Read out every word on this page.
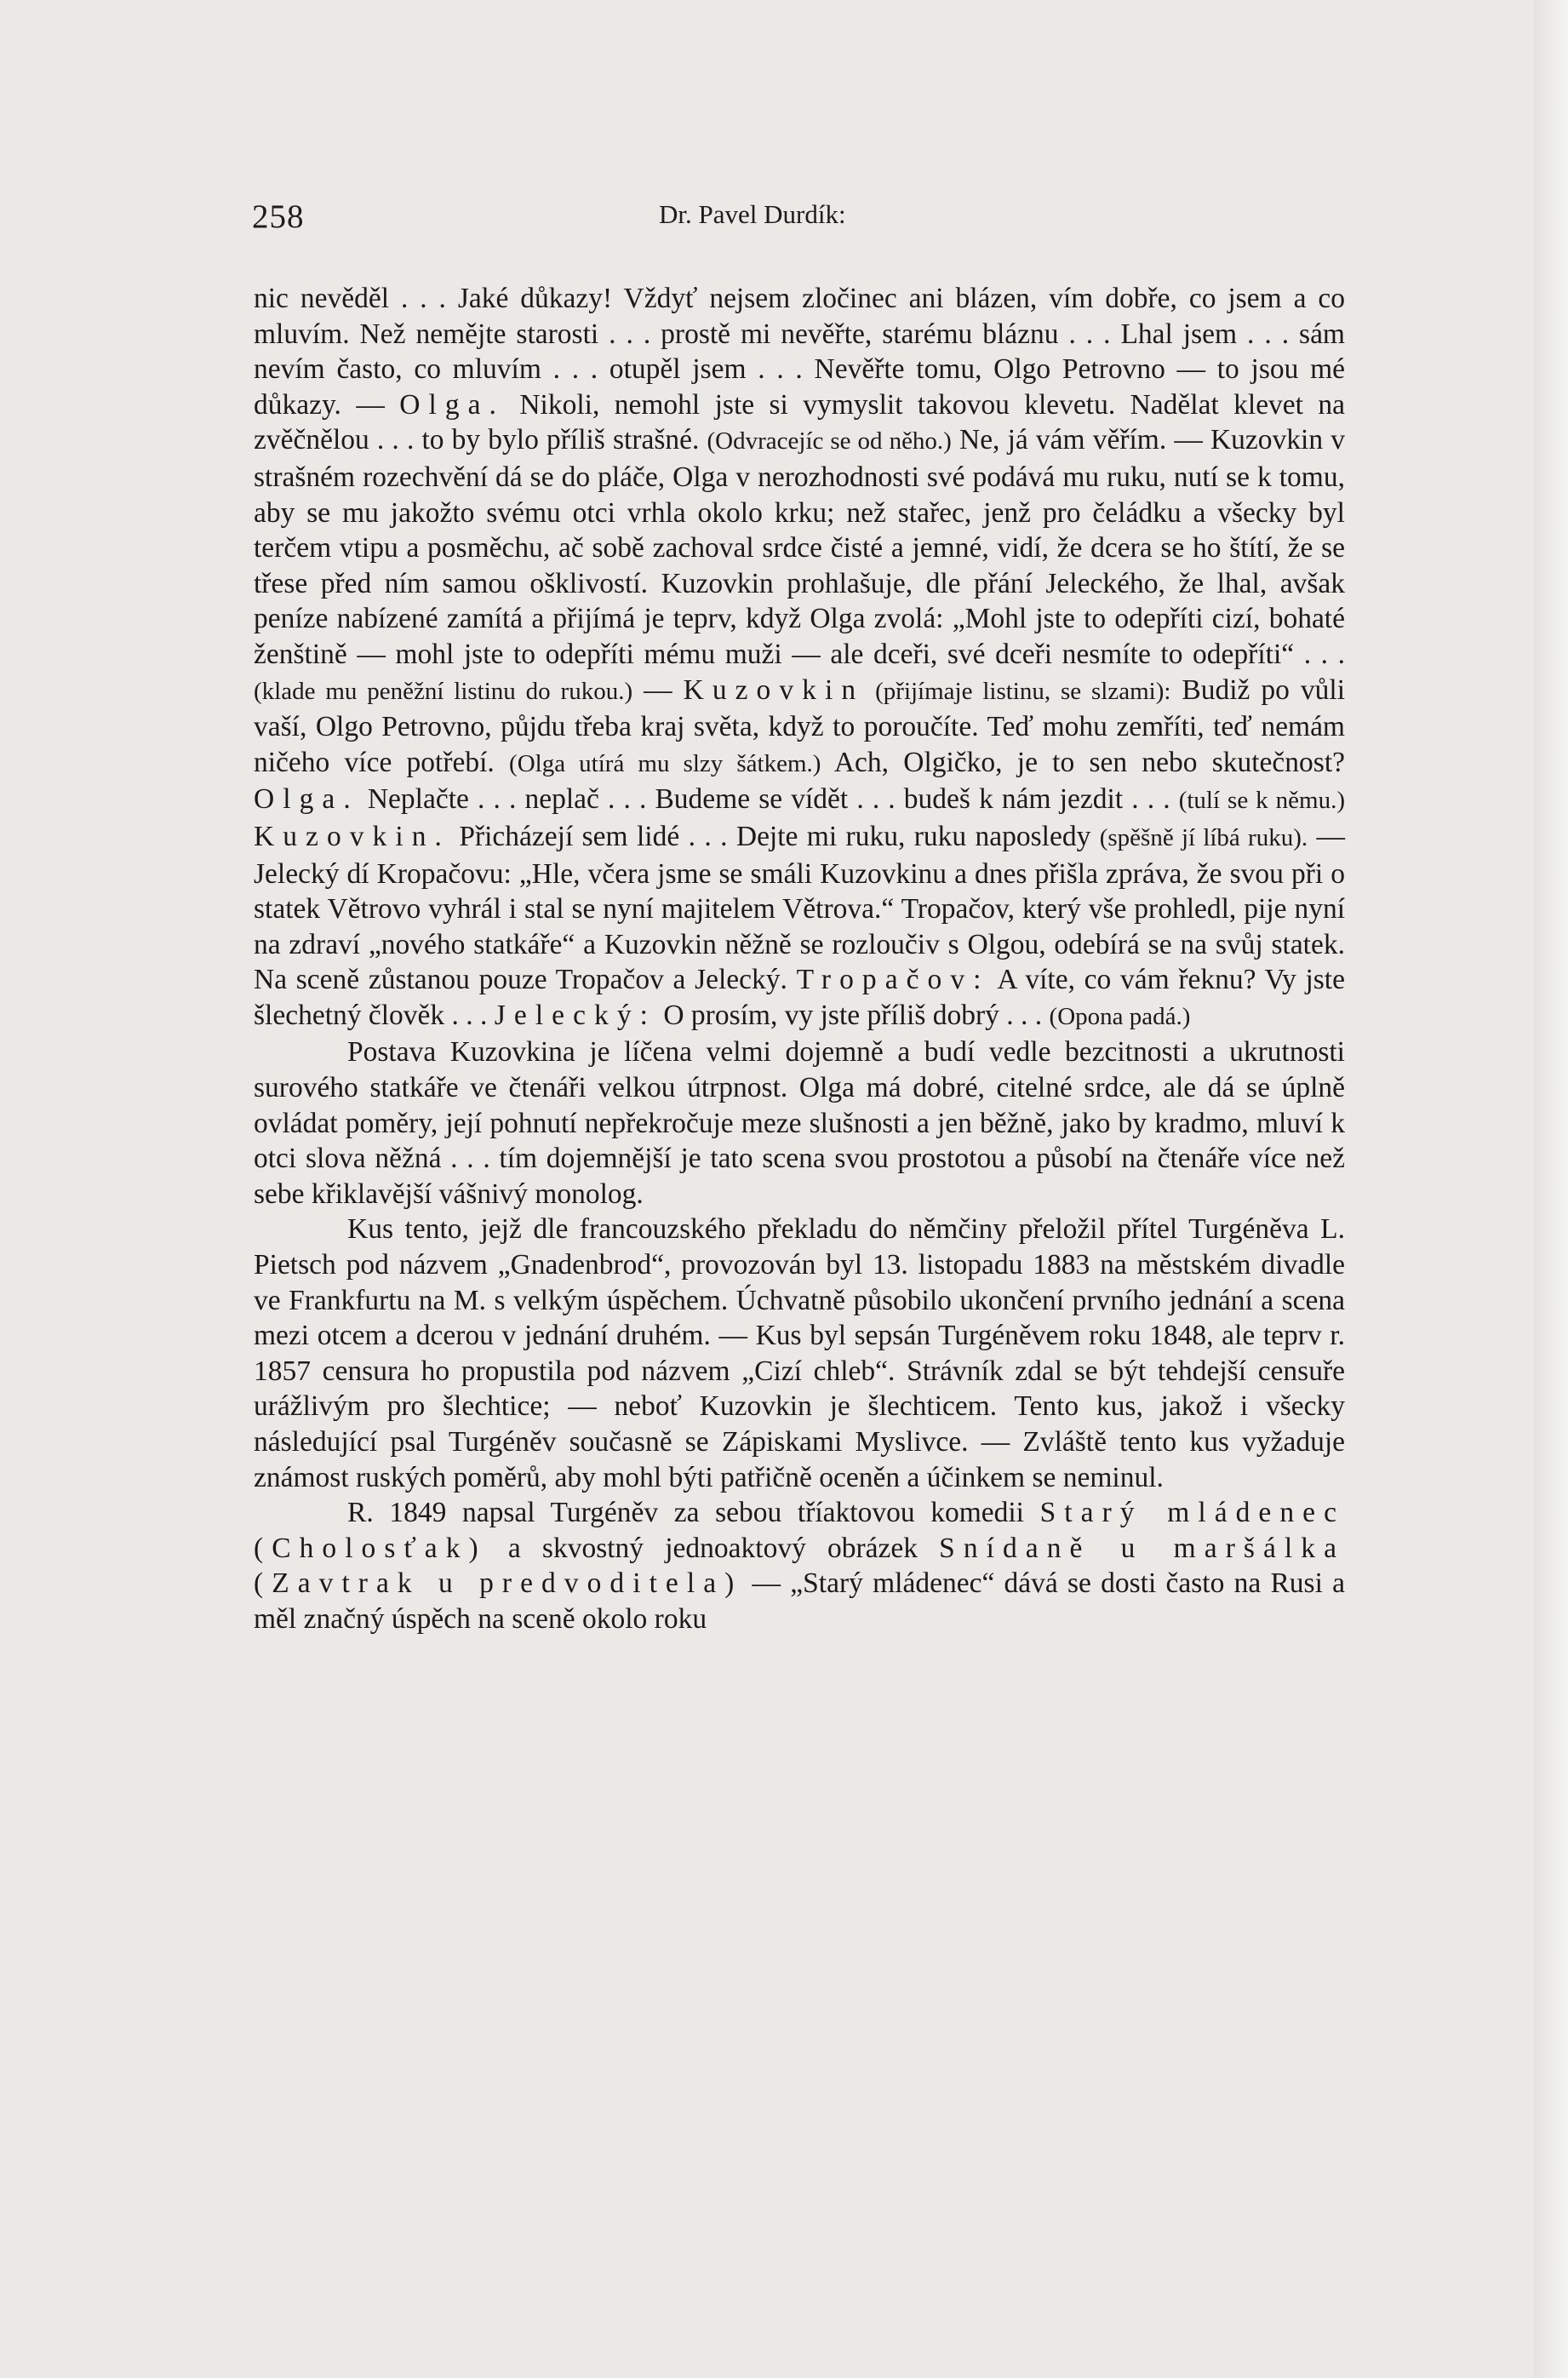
258	Dr. Pavel Durdík:

nic nevěděl . . . Jaké důkazy! Vždyť nejsem zločinec ani blázen, vím dobře, co jsem a co mluvím. Než nemějte starosti . . . prostě mi nevěřte, starému bláznu . . . Lhal jsem . . . sám nevím často, co mluvím . . . otupěl jsem . . . Nevěřte tomu, Olgo Petrovno — to jsou mé důkazy. — Olga. Nikoli, nemohl jste si vymyslit takovou klevetu. Nadělat klevet na zvěčnělou . . . to by bylo příliš strašné. (Odvracejíc se od něho.) Ne, já vám věřím. — Kuzovkin v strašném rozechvění dá se do pláče, Olga v nerozhodnosti své podává mu ruku, nutí se k tomu, aby se mu jakožto svému otci vrhla okolo krku; než stařec, jenž pro čeládku a všecky byl terčem vtipu a posměchu, ač sobě zachoval srdce čisté a jemné, vidí, že dcera se ho štítí, že se třese před ním samou ošklivostí. Kuzovkin prohlašuje, dle přání Jeleckého, že lhal, avšak peníze nabízené zamítá a přijímá je teprv, když Olga zvolá: „Mohl jste to odepříti cizí, bohaté ženštině — mohl jste to odepříti mému muži — ale dceři, své dceři nesmíte to odepříti“ . . . (klade mu peněžní listinu do rukou.) — Kuzovkin (přijímaje listinu, se slzami): Budiž po vůli vaší, Olgo Petrovno, půjdu třeba kraj světa, když to poroučíte. Teď mohu zemříti, teď nemám ničeho více potřebí. (Olga utírá mu slzy šátkem.) Ach, Olgičko, je to sen nebo skutečnost? Olga. Neplačte . . . neplač . . . Budeme se vídět . . . budeš k nám jezdit . . . (tulí se k němu.) Kuzovkin. Přicházejí sem lidé . . . Dejte mi ruku, ruku naposledy (spěšně jí líbá ruku). — Jelecký dí Kropačovu: „Hle, včera jsme se smáli Kuzovkinu a dnes přišla zpráva, že svou při o statek Větrovo vyhrál i stal se nyní majitelem Větrova.“ Tropačov, který vše prohledl, pije nyní na zdraví „nového statkáře“ a Kuzovkin něžně se rozloučiv s Olgou, odebírá se na svůj statek. Na sceně zůstanou pouze Tropačov a Jelecký. Tropačov: A víte, co vám řeknu? Vy jste šlechetný člověk . . . Jelecký: O prosím, vy jste příliš dobrý . . . (Opona padá.)

Postava Kuzovkina je líčena velmi dojemně a budí vedle bezcitnosti a ukrutnosti surového statkáře ve čtenáři velkou útrpnost. Olga má dobré, citelné srdce, ale dá se úplně ovládat poměry, její pohnutí nepřekročuje meze slušnosti a jen běžně, jako by kradmo, mluví k otci slova něžná . . . tím dojemnější je tato scena svou prostotou a působí na čtenáře více než sebe křiklavější vášnivý monolog.

Kus tento, jejž dle francouzského překladu do němčiny přeložil přítel Turgéněva L. Pietsch pod názvem „Gnadenbrod“, provozován byl 13. listopadu 1883 na městském divadle ve Frankfurtu na M. s velkým úspěchem. Úchvatně působilo ukončení prvního jednání a scena mezi otcem a dcerou v jednání druhém. — Kus byl sepsán Turgéněvem roku 1848, ale teprv r. 1857 censura ho propustila pod názvem „Cizí chleb“. Strávník zdal se být tehdejší censuře urážlivým pro šlechtice; — neboť Kuzovkin je šlechticem. Tento kus, jakož i všecky následující psal Turgéněv současně se Zápiskami Myslivce. — Zvláště tento kus vyžaduje známost ruských poměrů, aby mohl býti patřičně oceněn a účinkem se neminul.

R. 1849 napsal Turgéněv za sebou tříaktovou komedii Starý mládenec (Cholosťak) a skvostný jednoaktový obrázek Snídaně u maršálka (Zavtrak u predvoditela) — „Starý mládenec“ dává se dosti často na Rusi a měl značný úspěch na sceně okolo roku
